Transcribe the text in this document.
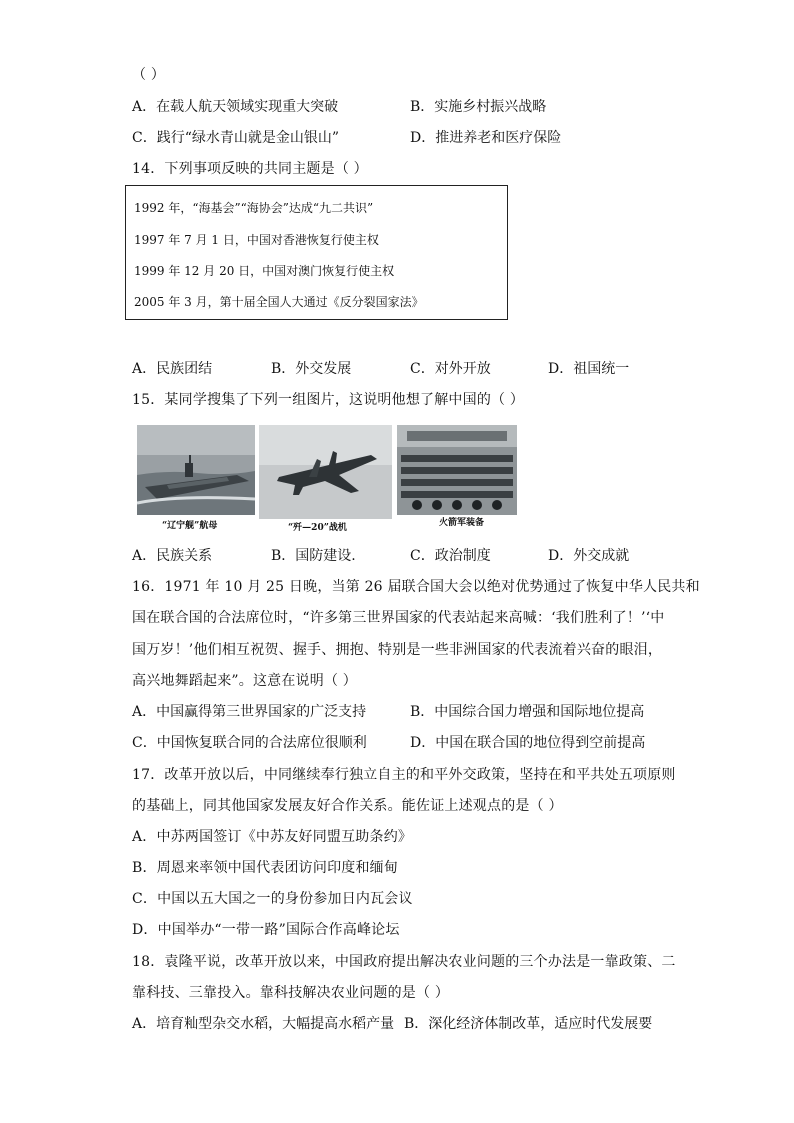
（ ）
A．在载人航天领域实现重大突破	B．实施乡村振兴战略
C．践行“绿水青山就是金山银山”	D．推进养老和医疗保险
14．下列事项反映的共同主题是（ ）
1992 年，“海基会”“海协会”达成“九二共识”
1997 年 7 月 1 日，中国对香港恢复行使主权
1999 年 12 月 20 日，中国对澳门恢复行使主权
2005 年 3 月，第十届全国人大通过《反分裂国家法》
A．民族团结	B．外交发展	C．对外开放	D．祖国统一
15．某同学搜集了下列一组图片，这说明他想了解中国的（ ）
“辽宁舰”航母	“歼—20”战机	火箭军装备
A．民族关系	B．国防建设.	C．政治制度	D．外交成就
16．1971 年 10 月 25 日晚，当第 26 届联合国大会以绝对优势通过了恢复中华人民共和
国在联合国的合法席位时，“许多第三世界国家的代表站起来高喊：‘我们胜利了！’‘中
国万岁！’他们相互祝贺、握手、拥抱、特别是一些非洲国家的代表流着兴奋的眼泪，
高兴地舞蹈起来”。这意在说明（ ）
A．中国赢得第三世界国家的广泛支持	B．中国综合国力增强和国际地位提高
C．中国恢复联合同的合法席位很顺利	D．中国在联合国的地位得到空前提高
17．改革开放以后，中同继续奉行独立自主的和平外交政策，坚持在和平共处五项原则
的基础上，同其他国家发展友好合作关系。能佐证上述观点的是（ ）
A．中苏两国签订《中苏友好同盟互助条约》
B．周恩来率领中国代表团访问印度和缅甸
C．中国以五大国之一的身份参加日内瓦会议
D．中国举办“一带一路”国际合作高峰论坛
18．袁隆平说，改革开放以来，中国政府提出解决农业问题的三个办法是一靠政策、二
靠科技、三靠投入。靠科技解决农业问题的是（ ）
A．培育籼型杂交水稻，大幅提高水稻产量 B．深化经济体制改革，适应时代发展要
